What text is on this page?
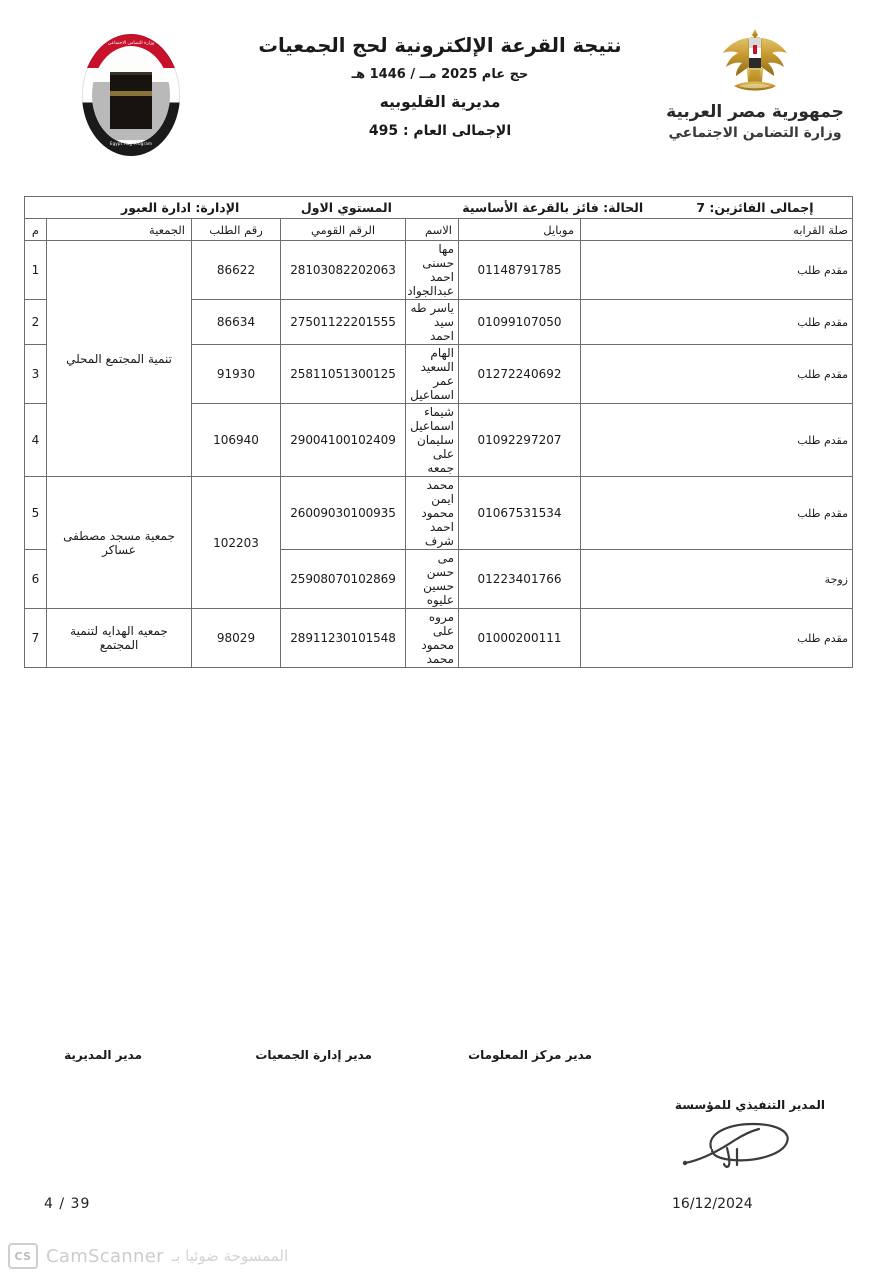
وزارة التضامن الاجتماعي
Egypt Hajj Program
نتيجة القرعة الإلكترونية لحج الجمعيات
حج عام 2025 مــ / 1446 هـ
مديرية القليوبيه
الإجمالى العام : 495
جمهورية مصر العربية
وزارة التضامن الاجتماعي
إجمالى الفائزين: 7
الحالة: فائز بالقرعة الأساسية
المستوي الاول
الإدارة: ادارة العبور						

صلة القرابه	موبايل	الاسم	الرقم القومي	رقم الطلب	الجمعية	م
مقدم طلب	01148791785	مها حسنى احمد عبدالجواد	28103082202063	86622	تنمية المجتمع المحلي	1
مقدم طلب	01099107050	ياسر طه سيد احمد	27501122201555	86634		2
مقدم طلب	01272240692	الهام السعيد عمر اسماعيل	25811051300125	91930		3
مقدم طلب	01092297207	شيماء اسماعيل سليمان على جمعه	29004100102409	106940		4
مقدم طلب	01067531534	محمد ايمن محمود احمد شرف	26009030100935	102203	جمعية مسجد مصطفى عساكر	5
زوجة	01223401766	مى حسن حسين عليوه	25908070102869			6
مقدم طلب	01000200111	مروه على محمود محمد	28911230101548	98029	جمعيه الهدايه لتنمية المجتمع	7
مدير المديرية	مدير إدارة الجمعيات	مدير مركز المعلومات
المدير التنفيذي للمؤسسة
4 / 39	16/12/2024
CS CamScanner الممسوحة ضوئيا بـ
